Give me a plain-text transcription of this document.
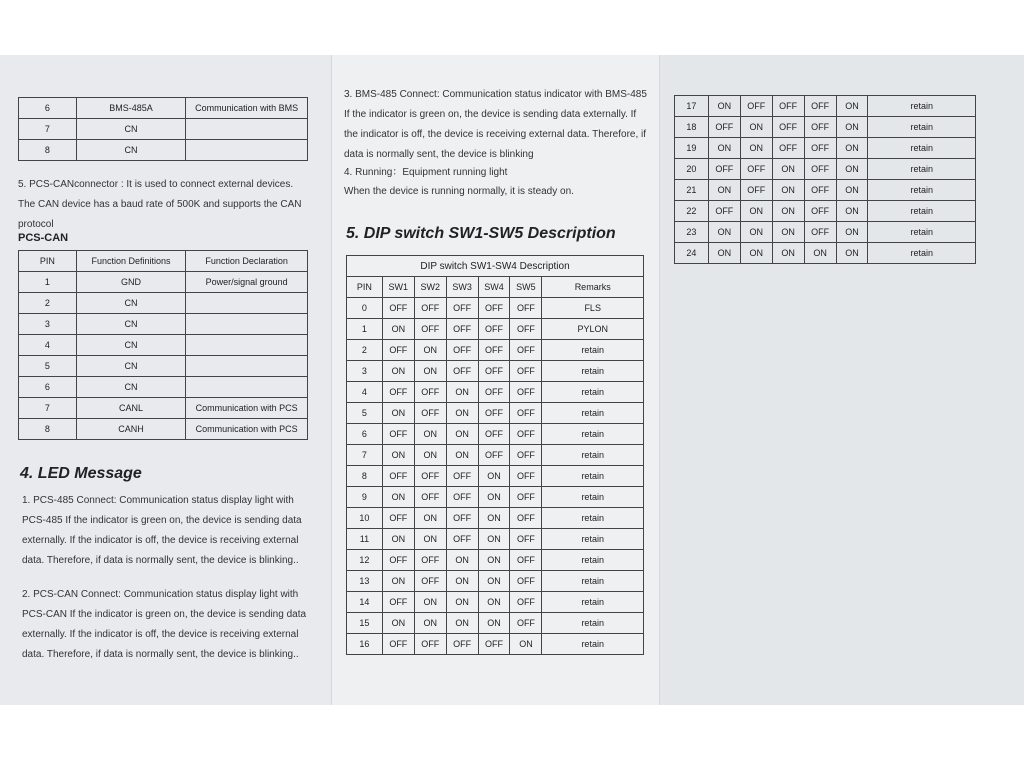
6	BMS-485A	Communication with BMS
7	CN	
8	CN	

5. PCS-CANconnector : It is used to connect external devices. The CAN device has a baud rate of 500K and supports the CAN protocol

PCS-CAN

PIN	Function Definitions	Function Declaration
1	GND	Power/signal ground
2	CN	
3	CN	
4	CN	
5	CN	
6	CN	
7	CANL	Communication with PCS
8	CANH	Communication with PCS
4. LED Message

1. PCS-485 Connect: Communication status display light with PCS-485 If the indicator is green on, the device is sending data externally. If the indicator is off, the device is receiving external data. Therefore, if data is normally sent, the device is blinking..

2. PCS-CAN Connect: Communication status display light with PCS-CAN If the indicator is green on, the device is sending data externally. If the indicator is off, the device is receiving external data. Therefore, if data is normally sent, the device is blinking..

3. BMS-485 Connect: Communication status indicator with BMS-485 If the indicator is green on, the device is sending data externally. If the indicator is off, the device is receiving external data. Therefore, if data is normally sent, the device is blinking

4. Running：Equipment running light

When the device is running normally, it is steady on.

5. DIP switch SW1-SW5 Description
DIP switch SW1-SW4 Description						
PIN	SW1	SW2	SW3	SW4	SW5	Remarks
0	OFF	OFF	OFF	OFF	OFF	FLS
1	ON	OFF	OFF	OFF	OFF	PYLON
2	OFF	ON	OFF	OFF	OFF	retain
3	ON	ON	OFF	OFF	OFF	retain
4	OFF	OFF	ON	OFF	OFF	retain
5	ON	OFF	ON	OFF	OFF	retain
6	OFF	ON	ON	OFF	OFF	retain
7	ON	ON	ON	OFF	OFF	retain
8	OFF	OFF	OFF	ON	OFF	retain
9	ON	OFF	OFF	ON	OFF	retain
10	OFF	ON	OFF	ON	OFF	retain
11	ON	ON	OFF	ON	OFF	retain
12	OFF	OFF	ON	ON	OFF	retain
13	ON	OFF	ON	ON	OFF	retain
14	OFF	ON	ON	ON	OFF	retain
15	ON	ON	ON	ON	OFF	retain
16	OFF	OFF	OFF	OFF	ON	retain
17	ON	OFF	OFF	OFF	ON	retain
18	OFF	ON	OFF	OFF	ON	retain
19	ON	ON	OFF	OFF	ON	retain
20	OFF	OFF	ON	OFF	ON	retain
21	ON	OFF	ON	OFF	ON	retain
22	OFF	ON	ON	OFF	ON	retain
23	ON	ON	ON	OFF	ON	retain
24	ON	ON	ON	ON	ON	retain
